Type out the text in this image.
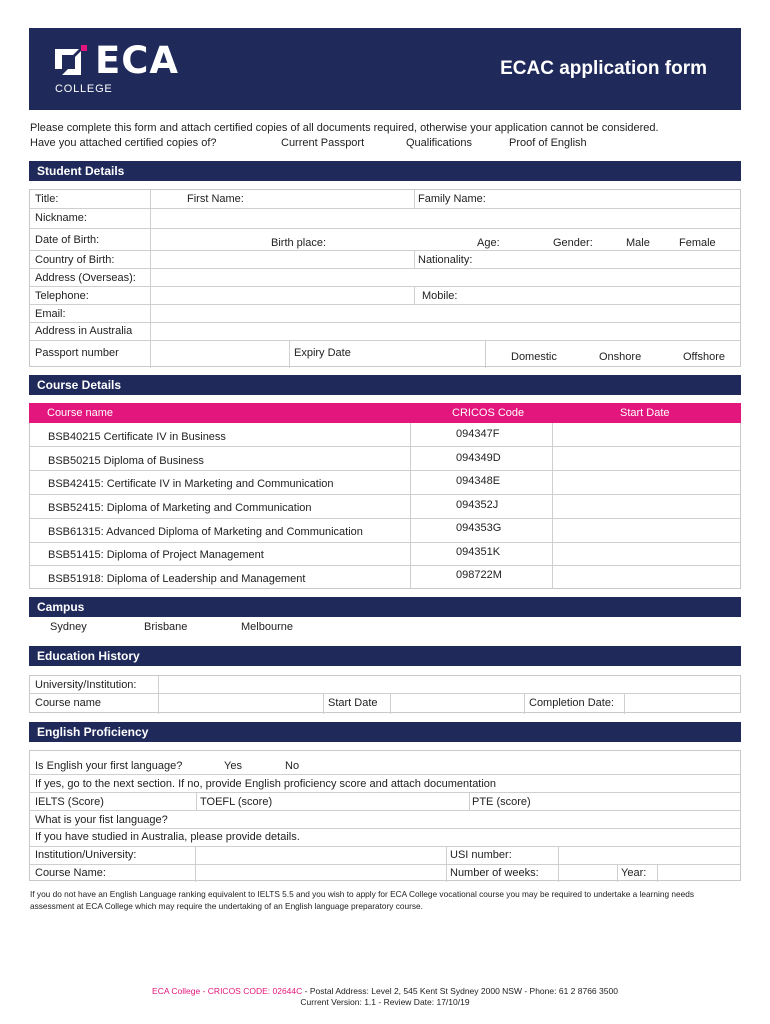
ECA
COLLEGE
ECAC application form
Please complete this form and attach certified copies of all documents required, otherwise your application cannot be considered.
Have you attached certified copies of?	Current Passport	Qualifications	Proof of English
Student Details
Title:	First Name:	Family Name:
Nickname:
Date of Birth:	Birth place:	Age:	Gender:	Male	Female
Country of Birth:	Nationality:
Address (Overseas):
Telephone:	Mobile:
Email:
Address in Australia
Passport number	Expiry Date	Domestic	Onshore	Offshore
Course Details
Course name	CRICOS Code	Start Date
BSB40215 Certificate IV in Business	094347F
BSB50215 Diploma of Business	094349D
BSB42415: Certificate IV in Marketing and Communication	094348E
BSB52415: Diploma of Marketing and Communication	094352J
BSB61315: Advanced Diploma of Marketing and Communication	094353G
BSB51415: Diploma of Project Management	094351K
BSB51918: Diploma of Leadership and Management	098722M
Campus
Sydney	Brisbane	Melbourne
Education History
University/Institution:
Course name	Start Date	Completion Date:
English Proficiency
Is English your first language?	Yes	No
If yes, go to the next section. If no, provide English proficiency score and attach documentation
IELTS (Score)	TOEFL (score)	PTE (score)
What is your fist language?
If you have studied in Australia, please provide details.
Institution/University:	USI number:
Course Name:	Number of weeks:	Year:
If you do not have an English Language ranking equivalent to IELTS 5.5 and you wish to apply for ECA College vocational course you may be required to undertake a learning needs assessment at ECA College which may require the undertaking of an English language preparatory course.
ECA College - CRICOS CODE: 02644C - Postal Address: Level 2, 545 Kent St Sydney 2000 NSW - Phone: 61 2 8766 3500
Current Version: 1.1 - Review Date: 17/10/19
